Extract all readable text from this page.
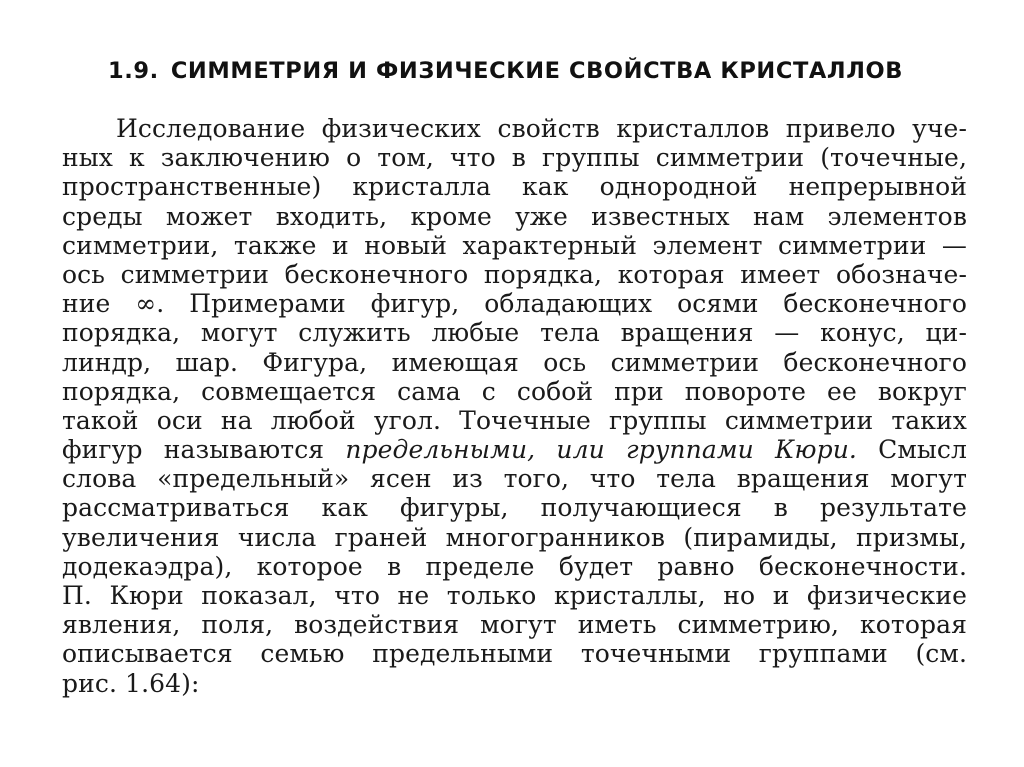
1.9. СИММЕТРИЯ И ФИЗИЧЕСКИЕ СВОЙСТВА КРИСТАЛЛОВ
Исследование физических свойств кристаллов привело уче-
ных к заключению о том, что в группы симметрии (точечные,
пространственные) кристалла как однородной непрерывной
среды может входить, кроме уже известных нам элементов
симметрии, также и новый характерный элемент симметрии —
ось симметрии бесконечного порядка, которая имеет обозначе-
ние ∞. Примерами фигур, обладающих осями бесконечного
порядка, могут служить любые тела вращения — конус, ци-
линдр, шар. Фигура, имеющая ось симметрии бесконечного
порядка, совмещается сама с собой при повороте ее вокруг
такой оси на любой угол. Точечные группы симметрии таких
фигур называются предельными, или группами Кюри. Смысл
слова «предельный» ясен из того, что тела вращения могут
рассматриваться как фигуры, получающиеся в результате
увеличения числа граней многогранников (пирамиды, призмы,
додекаэдра), которое в пределе будет равно бесконечности.
П. Кюри показал, что не только кристаллы, но и физические
явления, поля, воздействия могут иметь симметрию, которая
описывается семью предельными точечными группами (см.
рис. 1.64):
